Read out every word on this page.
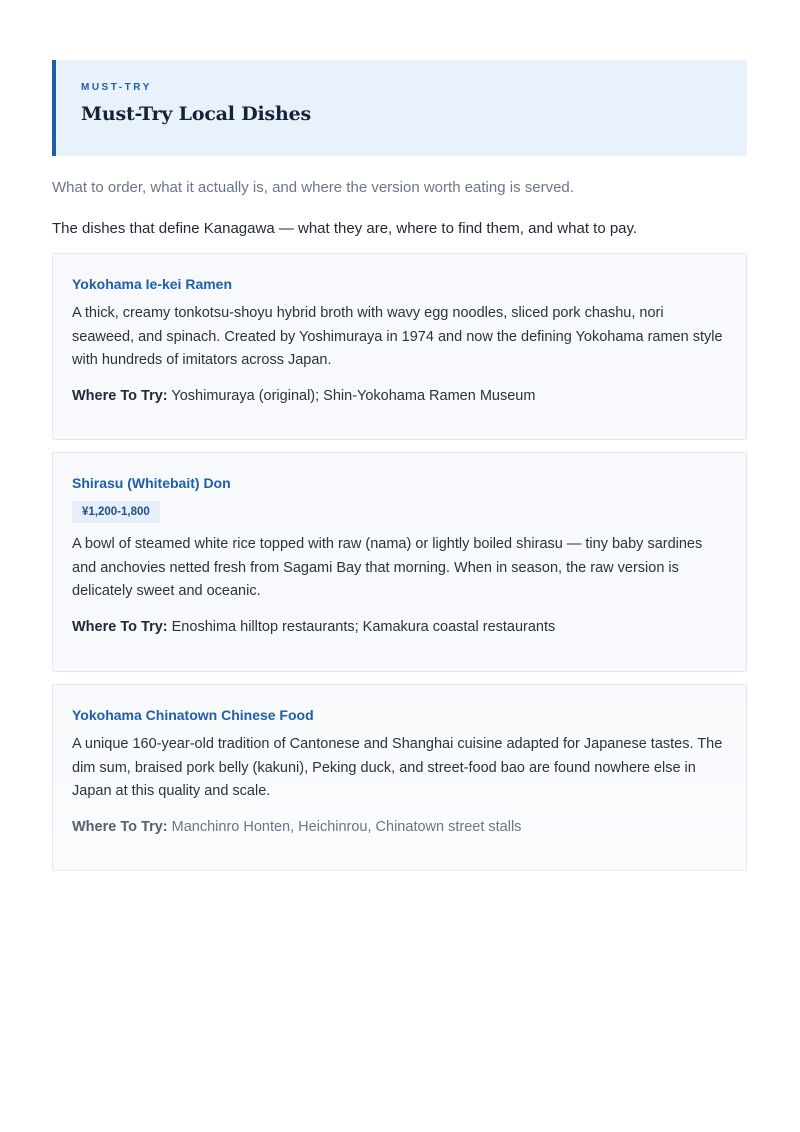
MUST-TRY
Must-Try Local Dishes

What to order, what it actually is, and where the version worth eating is served.

The dishes that define Kanagawa — what they are, where to find them, and what to pay.

Yokohama Ie-kei Ramen

A thick, creamy tonkotsu-shoyu hybrid broth with wavy egg noodles, sliced pork chashu, nori seaweed, and spinach. Created by Yoshimuraya in 1974 and now the defining Yokohama ramen style with hundreds of imitators across Japan.

Where To Try: Yoshimuraya (original); Shin-Yokohama Ramen Museum

Shirasu (Whitebait) Don
¥1,200-1,800

A bowl of steamed white rice topped with raw (nama) or lightly boiled shirasu — tiny baby sardines and anchovies netted fresh from Sagami Bay that morning. When in season, the raw version is delicately sweet and oceanic.

Where To Try: Enoshima hilltop restaurants; Kamakura coastal restaurants

Yokohama Chinatown Chinese Food

A unique 160-year-old tradition of Cantonese and Shanghai cuisine adapted for Japanese tastes. The dim sum, braised pork belly (kakuni), Peking duck, and street-food bao are found nowhere else in Japan at this quality and scale.

Where To Try: Manchinro Honten, Heichinrou, Chinatown street stalls
